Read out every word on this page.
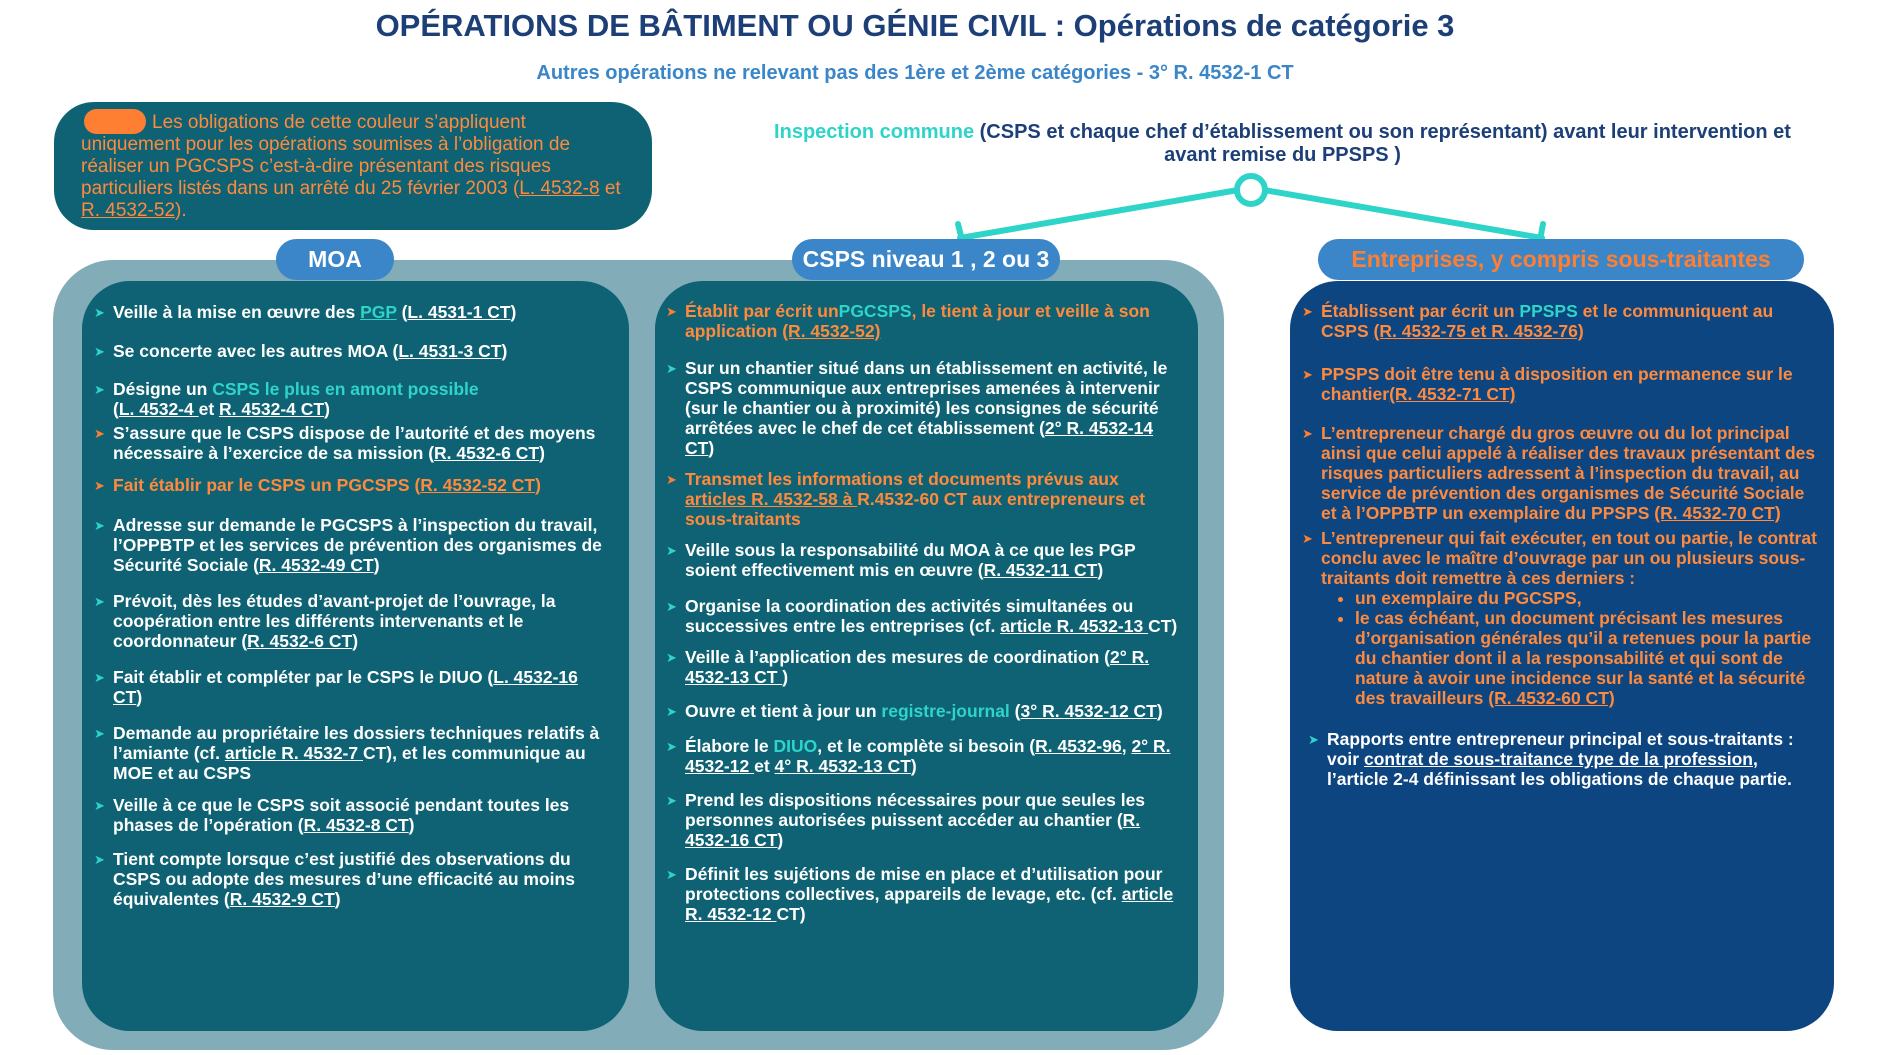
OPÉRATIONS DE BÂTIMENT OU GÉNIE CIVIL : Opérations de catégorie 3
Autres opérations ne relevant pas des 1ère et 2ème catégories - 3° R. 4532-1 CT
Les obligations de cette couleur s’appliquent uniquement pour les opérations soumises à l’obligation de réaliser un PGCSPS c’est-à-dire présentant des risques particuliers listés dans un arrêté du 25 février 2003 (L. 4532-8 et R. 4532-52).
Inspection commune (CSPS et chaque chef d’établissement ou son représentant) avant leur intervention et avant remise du PPSPS )
➤ Veille à la mise en œuvre des PGP (L. 4531-1 CT)
➤ Se concerte avec les autres MOA (L. 4531-3 CT)
➤ Désigne un CSPS le plus en amont possible
(L. 4532-4 et R. 4532-4 CT)
➤ S’assure que le CSPS dispose de l’autorité et des moyens nécessaire à l’exercice de sa mission (R. 4532-6 CT)
➤ Fait établir par le CSPS un PGCSPS (R. 4532-52 CT)
➤ Adresse sur demande le PGCSPS à l’inspection du travail, l’OPPBTP et les services de prévention des organismes de Sécurité Sociale (R. 4532-49 CT)
➤ Prévoit, dès les études d’avant-projet de l’ouvrage, la coopération entre les différents intervenants et le coordonnateur (R. 4532-6 CT)
➤ Fait établir et compléter par le CSPS le DIUO (L. 4532-16 CT)
➤ Demande au propriétaire les dossiers techniques relatifs à l’amiante (cf. article R. 4532-7 CT), et les communique au MOE et au CSPS
➤ Veille à ce que le CSPS soit associé pendant toutes les phases de l’opération (R. 4532-8 CT)
➤ Tient compte lorsque c’est justifié des observations du CSPS ou adopte des mesures d’une efficacité au moins équivalentes (R. 4532-9 CT)
➤ Établit par écrit unPGCSPS, le tient à jour et veille à son application (R. 4532-52)
➤ Sur un chantier situé dans un établissement en activité, le CSPS communique aux entreprises amenées à intervenir (sur le chantier ou à proximité) les consignes de sécurité arrêtées avec le chef de cet établissement (2° R. 4532-14 CT)
➤ Transmet les informations et documents prévus aux articles R. 4532-58 à R.4532-60 CT aux entrepreneurs et sous-traitants
➤ Veille sous la responsabilité du MOA à ce que les PGP soient effectivement mis en œuvre (R. 4532-11 CT)
➤ Organise la coordination des activités simultanées ou successives entre les entreprises (cf. article R. 4532-13 CT)
➤ Veille à l’application des mesures de coordination (2° R. 4532-13 CT )
➤ Ouvre et tient à jour un registre-journal (3° R. 4532-12 CT)
➤ Élabore le DIUO, et le complète si besoin (R. 4532-96, 2° R. 4532-12 et 4° R. 4532-13 CT)
➤ Prend les dispositions nécessaires pour que seules les personnes autorisées puissent accéder au chantier (R. 4532-16 CT)
➤ Définit les sujétions de mise en place et d’utilisation pour protections collectives, appareils de levage, etc. (cf. article R. 4532-12 CT)
➤ Établissent par écrit un PPSPS et le communiquent au CSPS (R. 4532-75 et R. 4532-76)
➤ PPSPS doit être tenu à disposition en permanence sur le chantier(R. 4532-71 CT)
➤ L’entrepreneur chargé du gros œuvre ou du lot principal ainsi que celui appelé à réaliser des travaux présentant des risques particuliers adressent à l’inspection du travail, au service de prévention des organismes de Sécurité Sociale et à l’OPPBTP un exemplaire du PPSPS (R. 4532-70 CT)
➤ L’entrepreneur qui fait exécuter, en tout ou partie, le contrat conclu avec le maître d’ouvrage par un ou plusieurs sous-traitants doit remettre à ces derniers :
• un exemplaire du PGCSPS,
• le cas échéant, un document précisant les mesures d’organisation générales qu’il a retenues pour la partie du chantier dont il a la responsabilité et qui sont de nature à avoir une incidence sur la santé et la sécurité des travailleurs (R. 4532-60 CT)
➤ Rapports entre entrepreneur principal et sous-traitants : voir contrat de sous-traitance type de la profession, l’article 2-4 définissant les obligations de chaque partie.
MOA	CSPS niveau 1 , 2 ou 3	Entreprises, y compris sous-traitantes
